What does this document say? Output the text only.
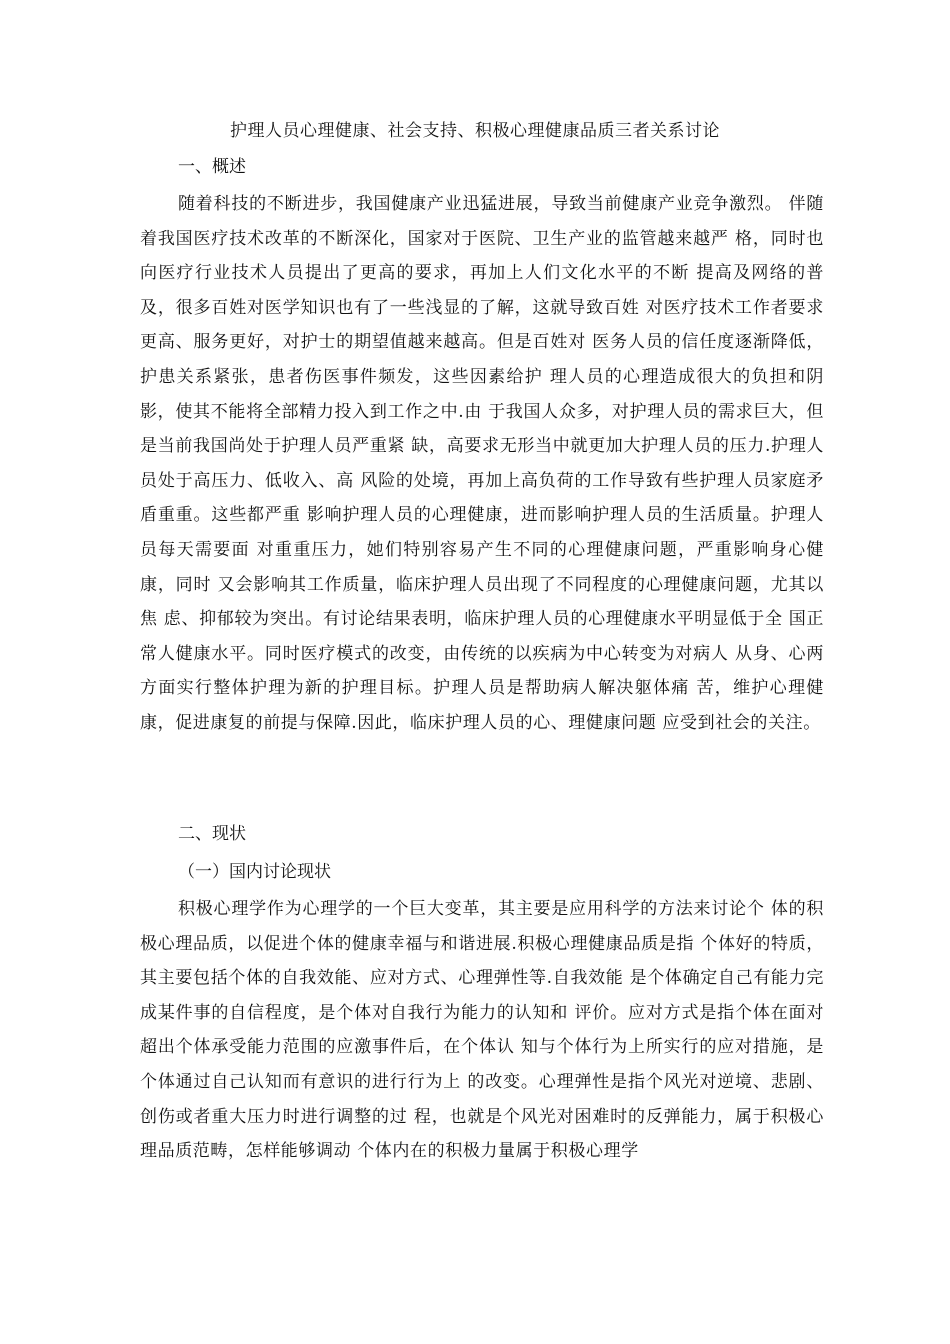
护理人员心理健康、社会支持、积极心理健康品质三者关系讨论
一、概述
随着科技的不断进步，我国健康产业迅猛进展，导致当前健康产业竞争激烈。 伴随着我国医疗技术改革的不断深化，国家对于医院、卫生产业的监管越来越严 格，同时也向医疗行业技术人员提出了更高的要求，再加上人们文化水平的不断 提高及网络的普及，很多百姓对医学知识也有了一些浅显的了解，这就导致百姓 对医疗技术工作者要求更高、服务更好，对护士的期望值越来越高。但是百姓对 医务人员的信任度逐渐降低，护患关系紧张，患者伤医事件频发，这些因素给护 理人员的心理造成很大的负担和阴影，使其不能将全部精力投入到工作之中.由 于我国人众多，对护理人员的需求巨大，但是当前我国尚处于护理人员严重紧 缺，高要求无形当中就更加大护理人员的压力.护理人员处于高压力、低收入、高 风险的处境，再加上高负荷的工作导致有些护理人员家庭矛盾重重。这些都严重 影响护理人员的心理健康，进而影响护理人员的生活质量。护理人员每天需要面 对重重压力，她们特别容易产生不同的心理健康问题，严重影响身心健康，同时 又会影响其工作质量，临床护理人员出现了不同程度的心理健康问题，尤其以焦 虑、抑郁较为突出。有讨论结果表明，临床护理人员的心理健康水平明显低于全 国正常人健康水平。同时医疗模式的改变，由传统的以疾病为中心转变为对病人 从身、心两方面实行整体护理为新的护理目标。护理人员是帮助病人解决躯体痛 苦，维护心理健康，促进康复的前提与保障.因此，临床护理人员的心、理健康问题 应受到社会的关注。
二、现状
（一）国内讨论现状
积极心理学作为心理学的一个巨大变革，其主要是应用科学的方法来讨论个 体的积极心理品质，以促进个体的健康幸福与和谐进展.积极心理健康品质是指 个体好的特质，其主要包括个体的自我效能、应对方式、心理弹性等.自我效能 是个体确定自己有能力完成某件事的自信程度，是个体对自我行为能力的认知和 评价。应对方式是指个体在面对超出个体承受能力范围的应激事件后，在个体认 知与个体行为上所实行的应对措施，是个体通过自己认知而有意识的进行行为上 的改变。心理弹性是指个风光对逆境、悲剧、创伤或者重大压力时进行调整的过 程，也就是个风光对困难时的反弹能力，属于积极心理品质范畴，怎样能够调动 个体内在的积极力量属于积极心理学
